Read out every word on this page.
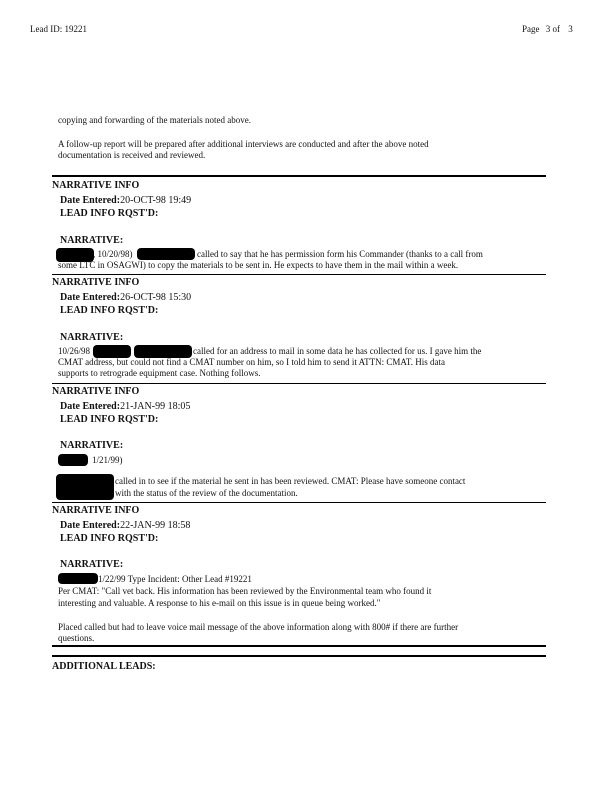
Lead ID: 19221	Page 3 of 3
copying and forwarding of the materials noted above.
A follow-up report will be prepared after additional interviews are conducted and after the above noted
documentation is received and reviewed.
NARRATIVE INFO
Date Entered:20-OCT-98 19:49
LEAD INFO RQST'D:
NARRATIVE:
, 10/20/98)	called to say that he has permission form his Commander (thanks to a call from
some LTC in OSAGWI) to copy the materials to be sent in. He expects to have them in the mail within a week.
NARRATIVE INFO
Date Entered:26-OCT-98 15:30
LEAD INFO RQST'D:
NARRATIVE:
10/26/98	called for an address to mail in some data he has collected for us. I gave him the
CMAT address, but could not find a CMAT number on him, so I told him to send it ATTN: CMAT. His data
supports to retrograde equipment case. Nothing follows.
NARRATIVE INFO
Date Entered:21-JAN-99 18:05
LEAD INFO RQST'D:
NARRATIVE:
1/21/99)
called in to see if the material he sent in has been reviewed. CMAT: Please have someone contact
with the status of the review of the documentation.
NARRATIVE INFO
Date Entered:22-JAN-99 18:58
LEAD INFO RQST'D:
NARRATIVE:
1/22/99 Type Incident: Other Lead #19221
Per CMAT: "Call vet back. His information has been reviewed by the Environmental team who found it
interesting and valuable. A response to his e-mail on this issue is in queue being worked."
Placed called but had to leave voice mail message of the above information along with 800# if there are further
questions.
ADDITIONAL LEADS:
